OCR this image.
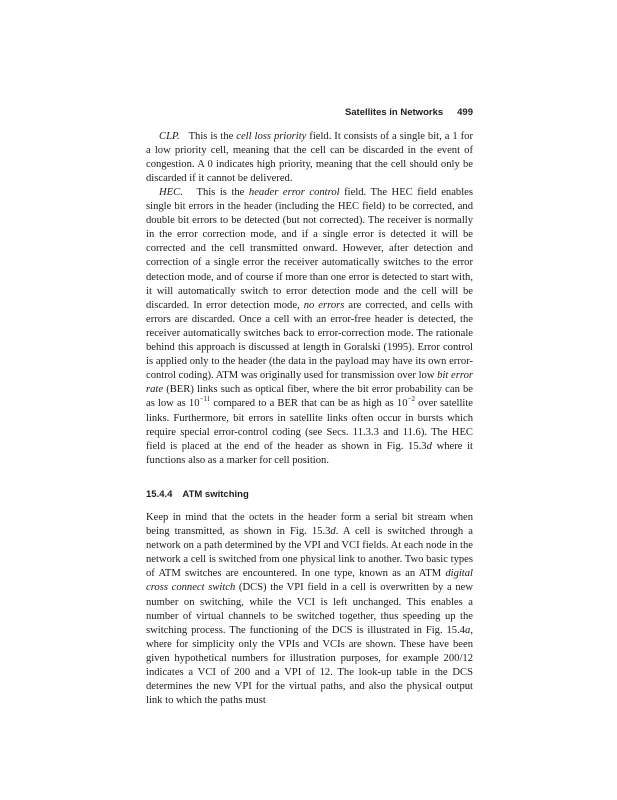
Satellites in Networks 499

CLP. This is the cell loss priority field. It consists of a single bit, a 1 for a low priority cell, meaning that the cell can be discarded in the event of congestion. A 0 indicates high priority, meaning that the cell should only be discarded if it cannot be delivered.

HEC. This is the header error control field. The HEC field enables single bit errors in the header (including the HEC field) to be corrected, and double bit errors to be detected (but not corrected). The receiver is normally in the error correction mode, and if a single error is detected it will be corrected and the cell transmitted onward. However, after detection and correction of a single error the receiver automatically switches to the error detection mode, and of course if more than one error is detected to start with, it will automatically switch to error detection mode and the cell will be discarded. In error detection mode, no errors are corrected, and cells with errors are discarded. Once a cell with an error-free header is detected, the receiver automatically switches back to error-correction mode. The rationale behind this approach is discussed at length in Goralski (1995). Error control is applied only to the header (the data in the payload may have its own error-control coding). ATM was originally used for transmission over low bit error rate (BER) links such as optical fiber, where the bit error probability can be as low as $10^{-11}$ compared to a BER that can be as high as $10^{-2}$ over satellite links. Furthermore, bit errors in satellite links often occur in bursts which require special error-control coding (see Secs. 11.3.3 and 11.6). The HEC field is placed at the end of the header as shown in Fig. 15.3d where it functions also as a marker for cell position.

15.4.4 ATM switching

Keep in mind that the octets in the header form a serial bit stream when being transmitted, as shown in Fig. 15.3d. A cell is switched through a network on a path determined by the VPI and VCI fields. At each node in the network a cell is switched from one physical link to another. Two basic types of ATM switches are encountered. In one type, known as an ATM digital cross connect switch (DCS) the VPI field in a cell is overwritten by a new number on switching, while the VCI is left unchanged. This enables a number of virtual channels to be switched together, thus speeding up the switching process. The functioning of the DCS is illustrated in Fig. 15.4a, where for simplicity only the VPIs and VCIs are shown. These have been given hypothetical numbers for illustration purposes, for example 200/12 indicates a VCI of 200 and a VPI of 12. The look-up table in the DCS determines the new VPI for the virtual paths, and also the physical output link to which the paths must
